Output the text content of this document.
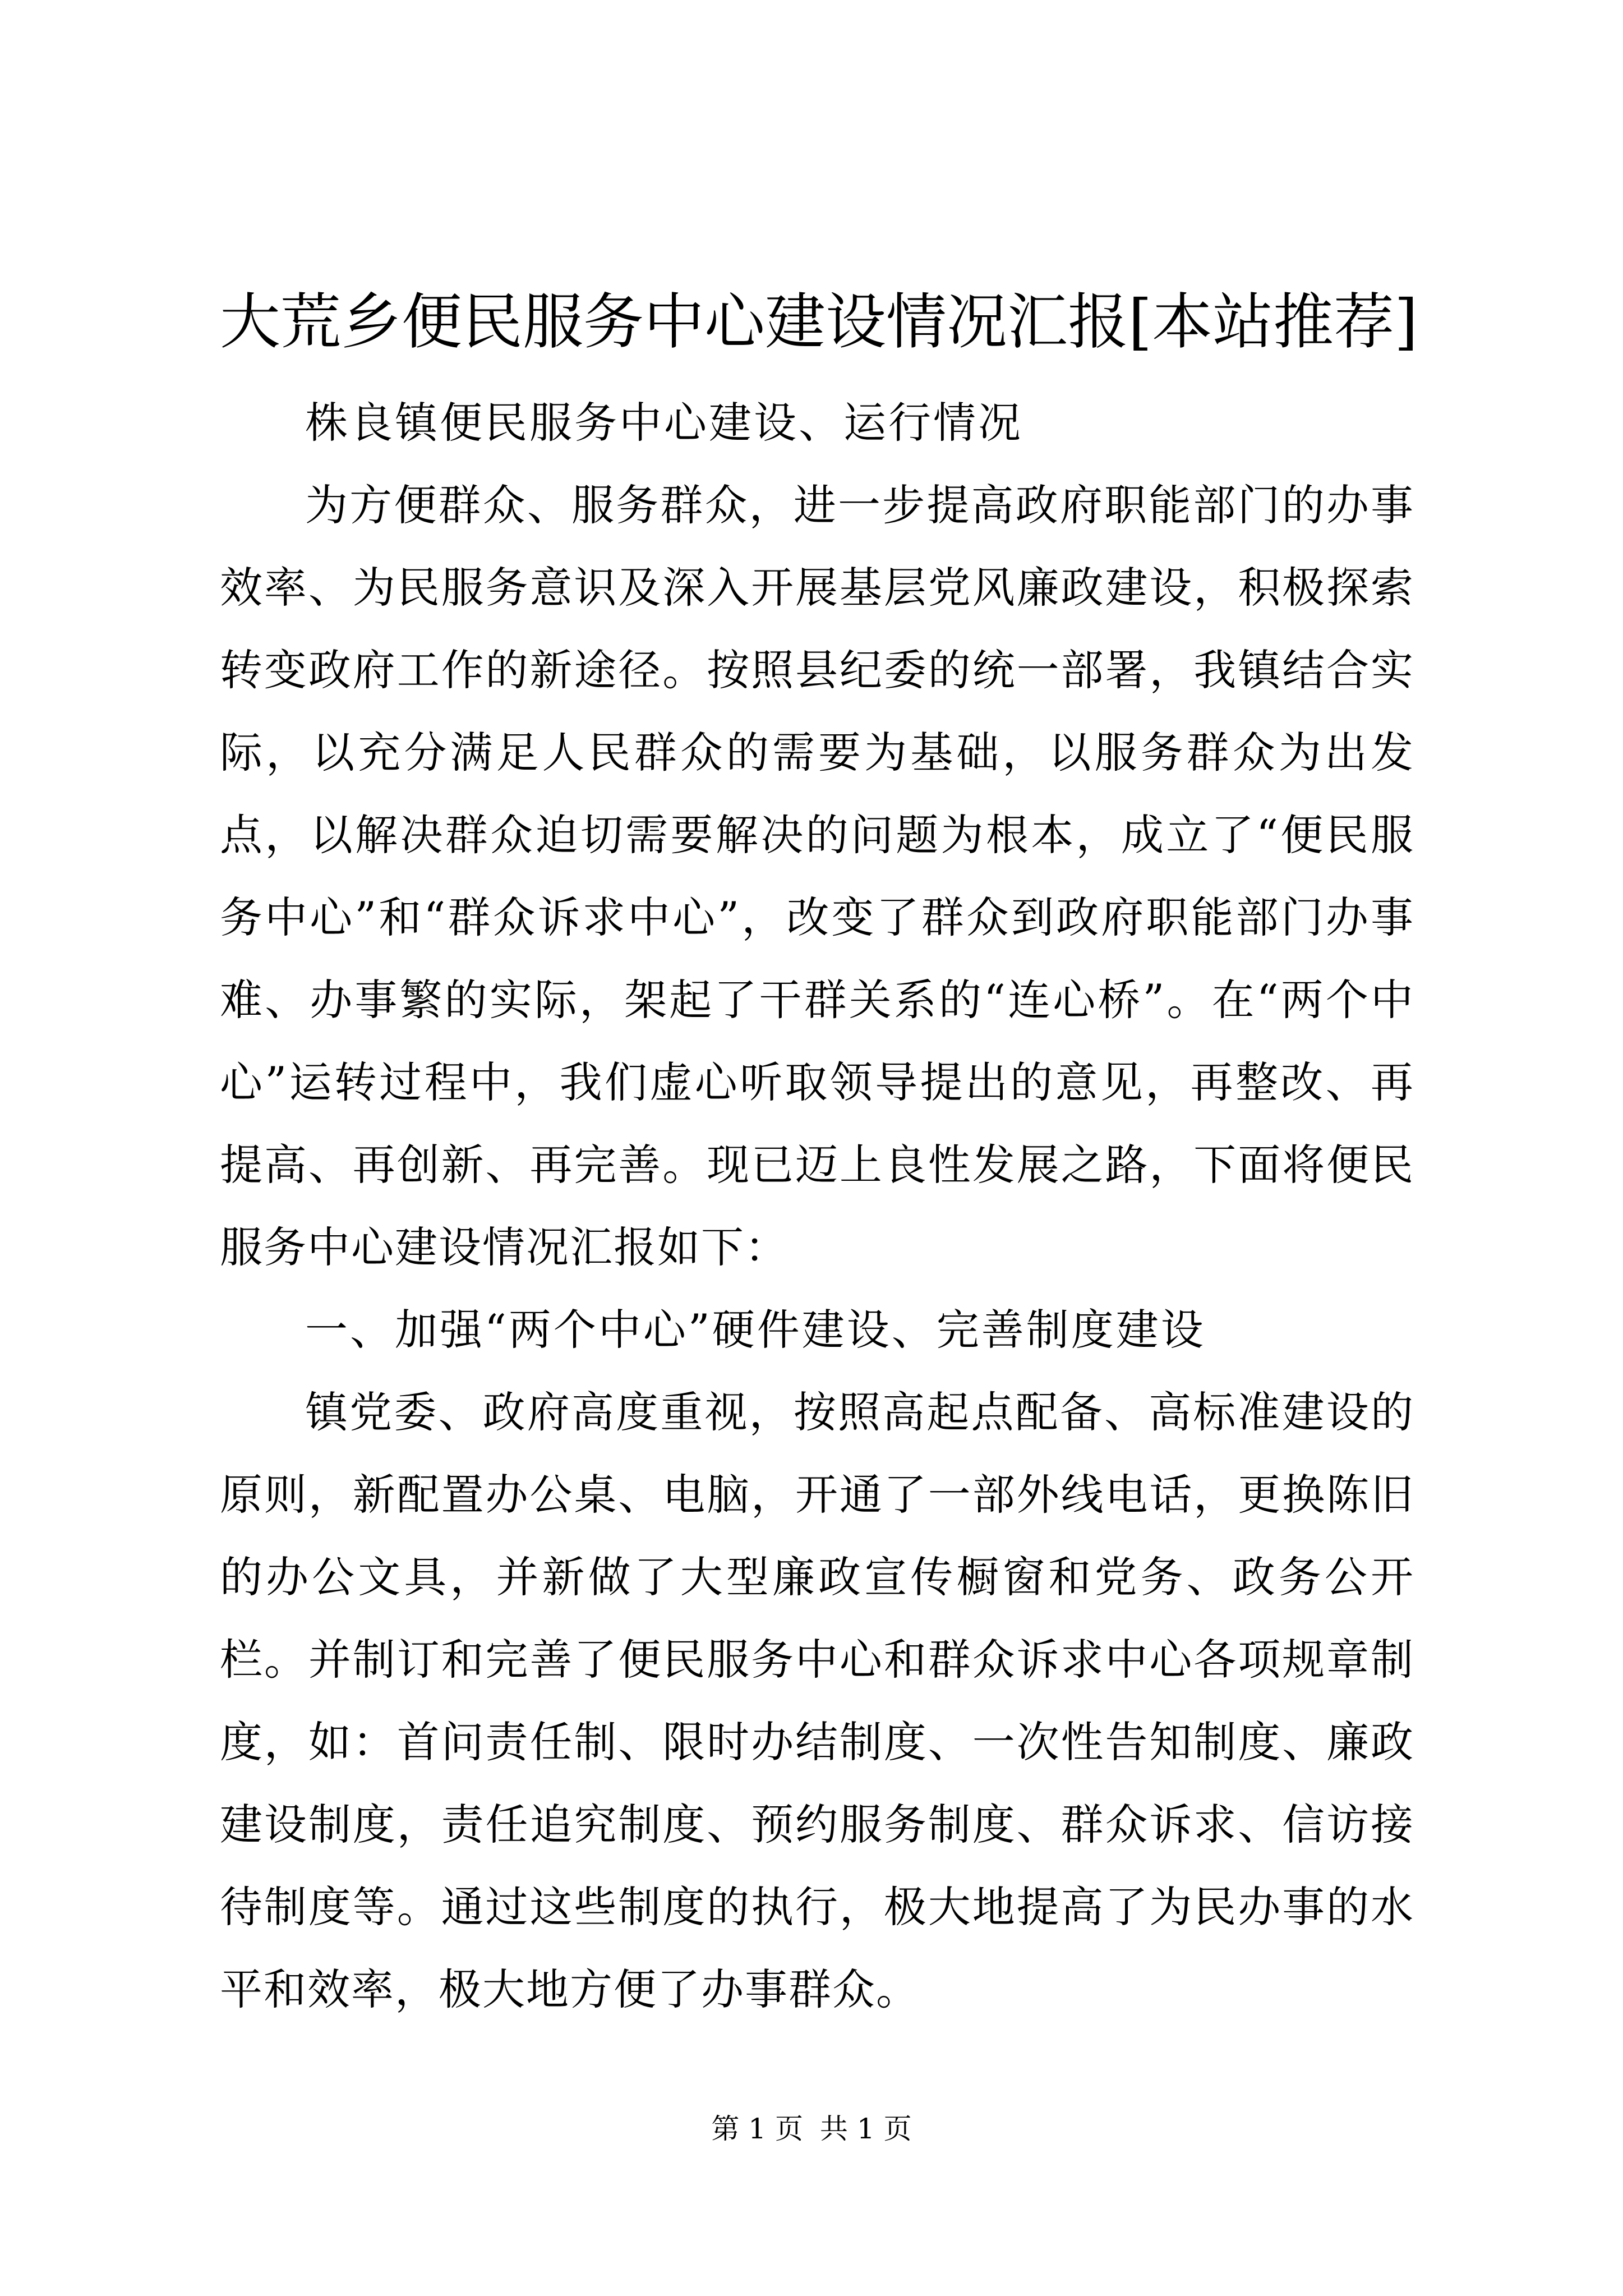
大荒乡便民服务中心建设情况汇报[本站推荐]

株良镇便民服务中心建设、运行情况

为方便群众、服务群众，进一步提高政府职能部门的办事效率、为民服务意识及深入开展基层党风廉政建设，积极探索转变政府工作的新途径。按照县纪委的统一部署，我镇结合实际，以充分满足人民群众的需要为基础，以服务群众为出发点，以解决群众迫切需要解决的问题为根本，成立了“便民服务中心”和“群众诉求中心”，改变了群众到政府职能部门办事难、办事繁的实际，架起了干群关系的“连心桥”。在“两个中心”运转过程中，我们虚心听取领导提出的意见，再整改、再提高、再创新、再完善。现已迈上良性发展之路，下面将便民服务中心建设情况汇报如下：

一、加强“两个中心”硬件建设、完善制度建设

镇党委、政府高度重视，按照高起点配备、高标准建设的原则，新配置办公桌、电脑，开通了一部外线电话，更换陈旧的办公文具，并新做了大型廉政宣传橱窗和党务、政务公开栏。并制订和完善了便民服务中心和群众诉求中心各项规章制度，如：首问责任制、限时办结制度、一次性告知制度、廉政建设制度，责任追究制度、预约服务制度、群众诉求、信访接待制度等。通过这些制度的执行，极大地提高了为民办事的水平和效率，极大地方便了办事群众。

第 1 页 共 1 页
